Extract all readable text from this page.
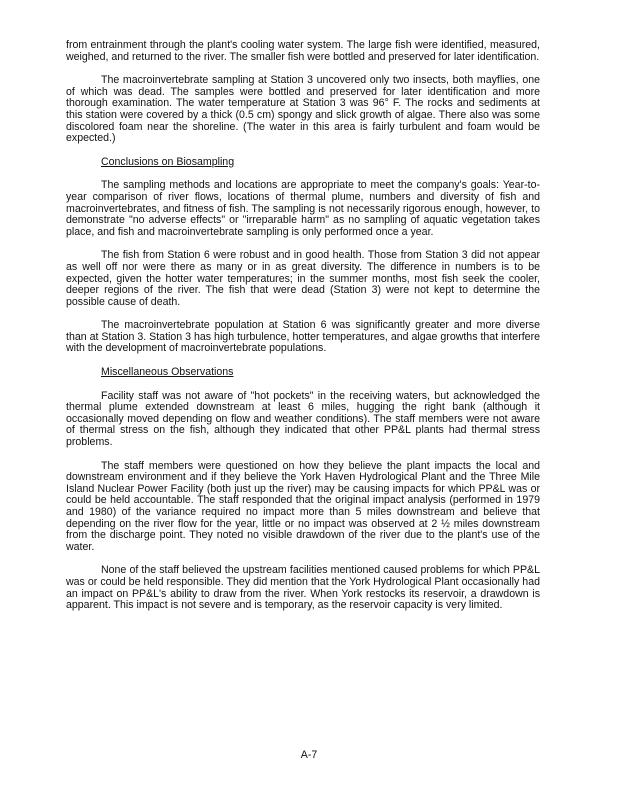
from entrainment through the plant's cooling water system. The large fish were identified, measured, weighed, and returned to the river. The smaller fish were bottled and preserved for later identification.

The macroinvertebrate sampling at Station 3 uncovered only two insects, both mayflies, one of which was dead. The samples were bottled and preserved for later identification and more thorough examination. The water temperature at Station 3 was 96° F. The rocks and sediments at this station were covered by a thick (0.5 cm) spongy and slick growth of algae. There also was some discolored foam near the shoreline. (The water in this area is fairly turbulent and foam would be expected.)

Conclusions on Biosampling

The sampling methods and locations are appropriate to meet the company's goals: Year-to-year comparison of river flows, locations of thermal plume, numbers and diversity of fish and macroinvertebrates, and fitness of fish. The sampling is not necessarily rigorous enough, however, to demonstrate "no adverse effects" or "irreparable harm" as no sampling of aquatic vegetation takes place, and fish and macroinvertebrate sampling is only performed once a year.

The fish from Station 6 were robust and in good health. Those from Station 3 did not appear as well off nor were there as many or in as great diversity. The difference in numbers is to be expected, given the hotter water temperatures; in the summer months, most fish seek the cooler, deeper regions of the river. The fish that were dead (Station 3) were not kept to determine the possible cause of death.

The macroinvertebrate population at Station 6 was significantly greater and more diverse than at Station 3. Station 3 has high turbulence, hotter temperatures, and algae growths that interfere with the development of macroinvertebrate populations.

Miscellaneous Observations

Facility staff was not aware of "hot pockets" in the receiving waters, but acknowledged the thermal plume extended downstream at least 6 miles, hugging the right bank (although it occasionally moved depending on flow and weather conditions). The staff members were not aware of thermal stress on the fish, although they indicated that other PP&L plants had thermal stress problems.

The staff members were questioned on how they believe the plant impacts the local and downstream environment and if they believe the York Haven Hydrological Plant and the Three Mile Island Nuclear Power Facility (both just up the river) may be causing impacts for which PP&L was or could be held accountable. The staff responded that the original impact analysis (performed in 1979 and 1980) of the variance required no impact more than 5 miles downstream and believe that depending on the river flow for the year, little or no impact was observed at 2 ½ miles downstream from the discharge point. They noted no visible drawdown of the river due to the plant's use of the water.

None of the staff believed the upstream facilities mentioned caused problems for which PP&L was or could be held responsible. They did mention that the York Hydrological Plant occasionally had an impact on PP&L's ability to draw from the river. When York restocks its reservoir, a drawdown is apparent. This impact is not severe and is temporary, as the reservoir capacity is very limited.

A-7
